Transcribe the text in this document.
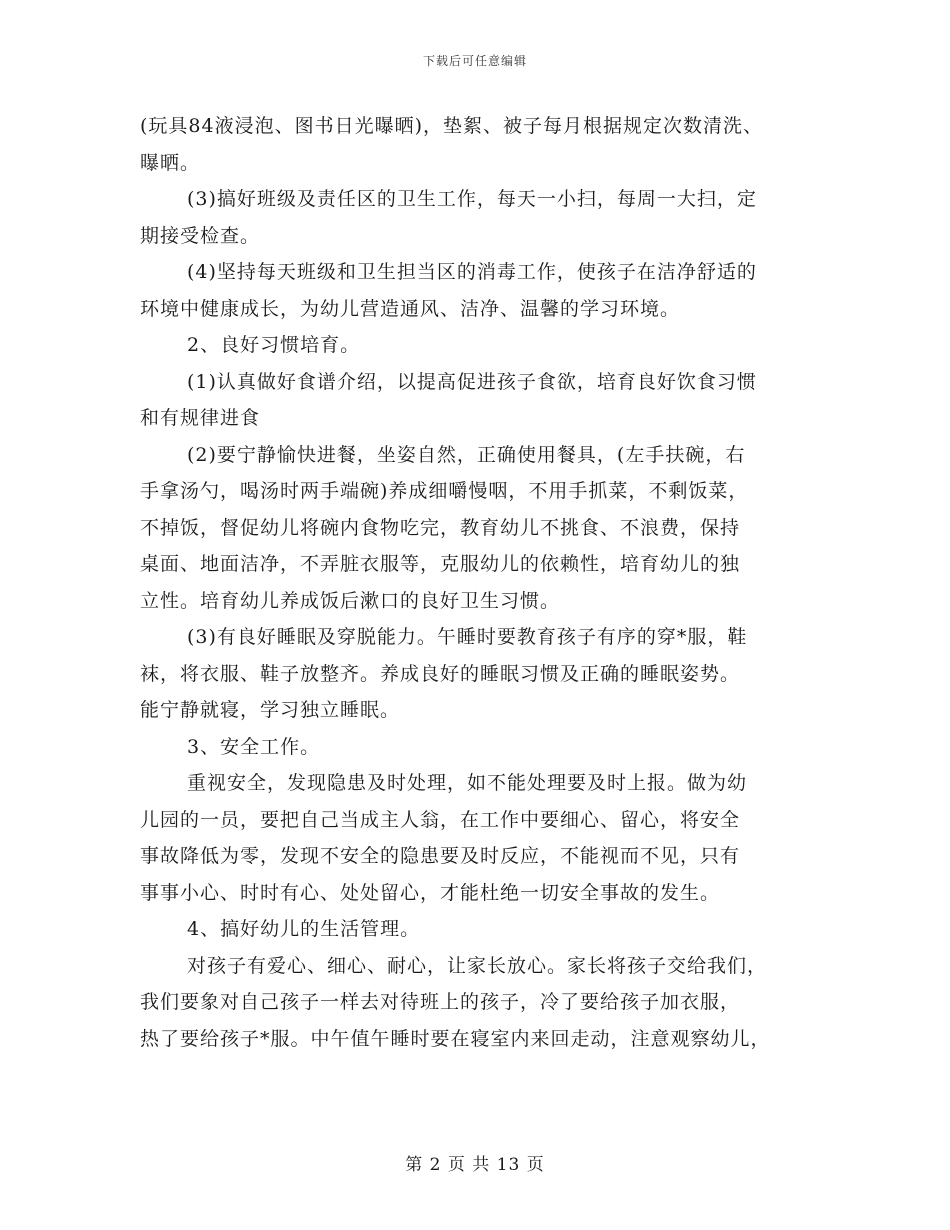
下载后可任意编辑
(玩具84液浸泡、图书日光曝晒)，垫絮、被子每月根据规定次数清洗、
曝晒。
(3)搞好班级及责任区的卫生工作，每天一小扫，每周一大扫，定
期接受检查。
(4)坚持每天班级和卫生担当区的消毒工作，使孩子在洁净舒适的
环境中健康成长，为幼儿营造通风、洁净、温馨的学习环境。
2、良好习惯培育。
(1)认真做好食谱介绍，以提高促进孩子食欲，培育良好饮食习惯
和有规律进食
(2)要宁静愉快进餐，坐姿自然，正确使用餐具，(左手扶碗，右
手拿汤勺，喝汤时两手端碗)养成细嚼慢咽，不用手抓菜，不剩饭菜，
不掉饭，督促幼儿将碗内食物吃完，教育幼儿不挑食、不浪费，保持
桌面、地面洁净，不弄脏衣服等，克服幼儿的依赖性，培育幼儿的独
立性。培育幼儿养成饭后漱口的良好卫生习惯。
(3)有良好睡眠及穿脱能力。午睡时要教育孩子有序的穿*服，鞋
袜，将衣服、鞋子放整齐。养成良好的睡眠习惯及正确的睡眠姿势。
能宁静就寝，学习独立睡眠。
3、安全工作。
重视安全，发现隐患及时处理，如不能处理要及时上报。做为幼
儿园的一员，要把自己当成主人翁，在工作中要细心、留心，将安全
事故降低为零，发现不安全的隐患要及时反应，不能视而不见，只有
事事小心、时时有心、处处留心，才能杜绝一切安全事故的发生。
4、搞好幼儿的生活管理。
对孩子有爱心、细心、耐心，让家长放心。家长将孩子交给我们，
我们要象对自己孩子一样去对待班上的孩子，冷了要给孩子加衣服，
热了要给孩子*服。中午值午睡时要在寝室内来回走动，注意观察幼儿，
第 2 页 共 13 页
